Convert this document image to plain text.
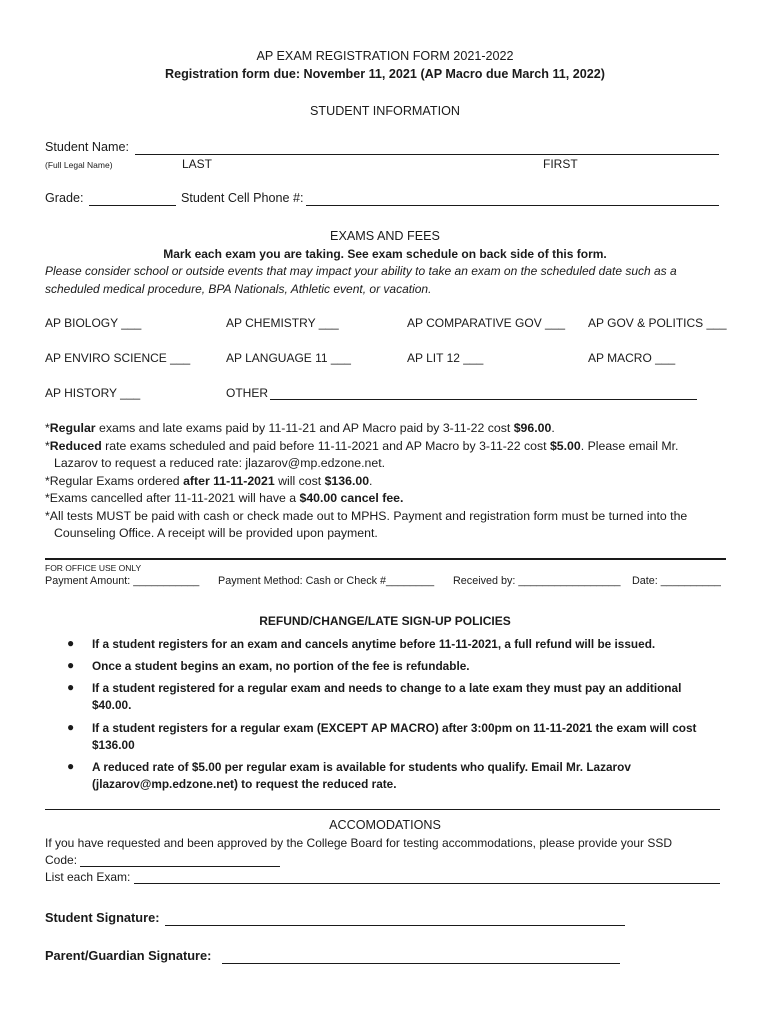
AP EXAM REGISTRATION FORM 2021-2022
Registration form due: November 11, 2021 (AP Macro due March 11, 2022)
STUDENT INFORMATION
Student Name:
(Full Legal Name)	LAST	FIRST
Grade:	Student Cell Phone #:
EXAMS AND FEES
Mark each exam you are taking. See exam schedule on back side of this form.
Please consider school or outside events that may impact your ability to take an exam on the scheduled date such as a
scheduled medical procedure, BPA Nationals, Athletic event, or vacation.
AP BIOLOGY ___	AP CHEMISTRY ___	AP COMPARATIVE GOV ___ AP GOV & POLITICS ___
AP ENVIRO SCIENCE ___	AP LANGUAGE 11 ___	AP LIT 12 ___	AP MACRO ___
AP HISTORY ___	OTHER
*Regular exams and late exams paid by 11-11-21 and AP Macro paid by 3-11-22 cost $96.00.
*Reduced rate exams scheduled and paid before 11-11-2021 and AP Macro by 3-11-22 cost $5.00. Please email Mr.
Lazarov to request a reduced rate: jlazarov@mp.edzone.net.
*Regular Exams ordered after 11-11-2021 will cost $136.00.
*Exams cancelled after 11-11-2021 will have a $40.00 cancel fee.
*All tests MUST be paid with cash or check made out to MPHS. Payment and registration form must be turned into the
Counseling Office. A receipt will be provided upon payment.
FOR OFFICE USE ONLY
Payment Amount: ___________ Payment Method: Cash or Check #________ Received by: _________________ Date: __________
REFUND/CHANGE/LATE SIGN-UP POLICIES
● If a student registers for an exam and cancels anytime before 11-11-2021, a full refund will be issued.
● Once a student begins an exam, no portion of the fee is refundable.
● If a student registered for a regular exam and needs to change to a late exam they must pay an additional
$40.00.
● If a student registers for a regular exam (EXCEPT AP MACRO) after 3:00pm on 11-11-2021 the exam will cost
$136.00
● A reduced rate of $5.00 per regular exam is available for students who qualify. Email Mr. Lazarov
(jlazarov@mp.edzone.net) to request the reduced rate.
ACCOMODATIONS
If you have requested and been approved by the College Board for testing accommodations, please provide your SSD
Code:
List each Exam:
Student Signature:
Parent/Guardian Signature:
